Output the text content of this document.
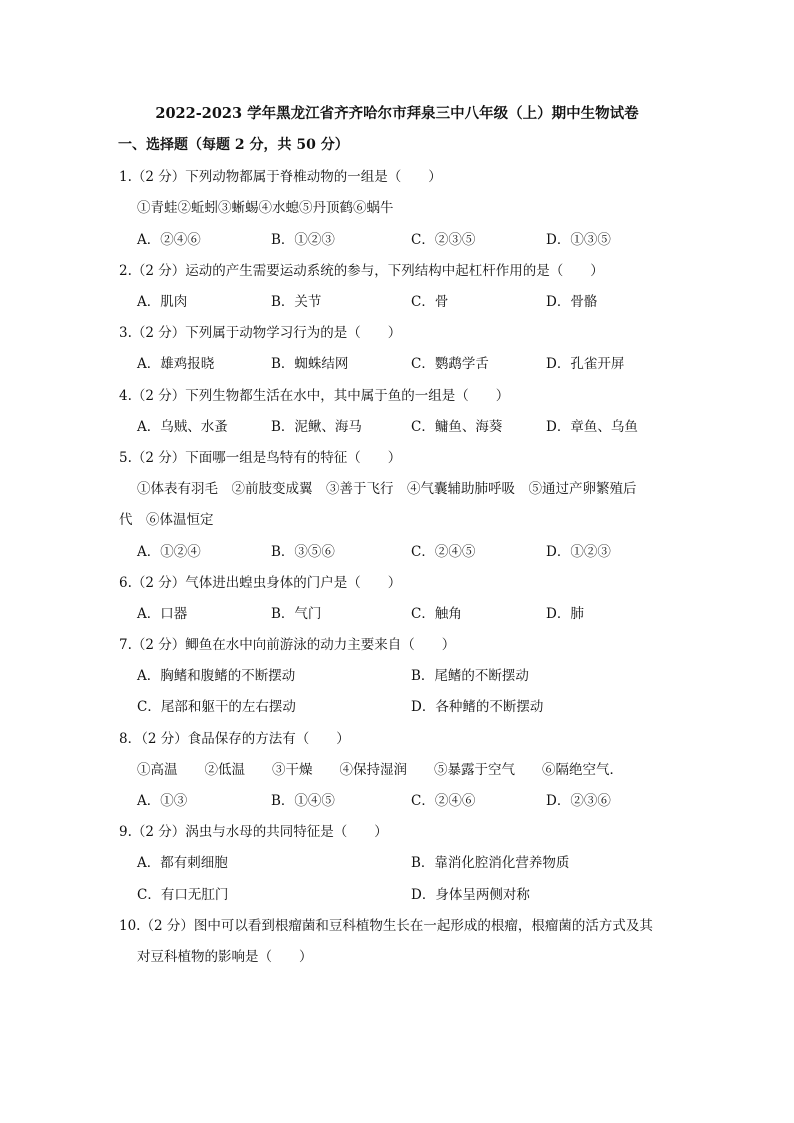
2022-2023 学年黑龙江省齐齐哈尔市拜泉三中八年级（上）期中生物试卷
一、选择题（每题 2 分，共 50 分）
1.（2 分）下列动物都属于脊椎动物的一组是（　　）
①青蛙②蚯蚓③蜥蜴④水螅⑤丹顶鹤⑥蜗牛
A．②④⑥	B．①②③	C．②③⑤	D．①③⑤
2.（2 分）运动的产生需要运动系统的参与，下列结构中起杠杆作用的是（　　）
A．肌肉	B．关节	C．骨	D．骨骼
3.（2 分）下列属于动物学习行为的是（　　）
A．雄鸡报晓	B．蜘蛛结网	C．鹦鹉学舌	D．孔雀开屏
4.（2 分）下列生物都生活在水中，其中属于鱼的一组是（　　）
A．乌贼、水蚤	B．泥鳅、海马	C．鳙鱼、海葵	D．章鱼、乌鱼
5.（2 分）下面哪一组是鸟特有的特征（　　）
①体表有羽毛　②前肢变成翼　③善于飞行　④气囊辅助肺呼吸　⑤通过产卵繁殖后
代　⑥体温恒定
A．①②④	B．③⑤⑥	C．②④⑤	D．①②③
6.（2 分）气体进出蝗虫身体的门户是（　　）
A．口器	B．气门	C．触角	D．肺
7.（2 分）鲫鱼在水中向前游泳的动力主要来自（　　）
A．胸鳍和腹鳍的不断摆动	B．尾鳍的不断摆动
C．尾部和躯干的左右摆动	D．各种鳍的不断摆动
8．（2 分）食品保存的方法有（　　）
①高温　　②低温　　③干燥　　④保持湿润　　⑤暴露于空气　　⑥隔绝空气．
A．①③	B．①④⑤	C．②④⑥	D．②③⑥
9.（2 分）涡虫与水母的共同特征是（　　）
A．都有刺细胞	B．靠消化腔消化营养物质
C．有口无肛门	D．身体呈两侧对称
10.（2 分）图中可以看到根瘤菌和豆科植物生长在一起形成的根瘤，根瘤菌的活方式及其
对豆科植物的影响是（　　）
